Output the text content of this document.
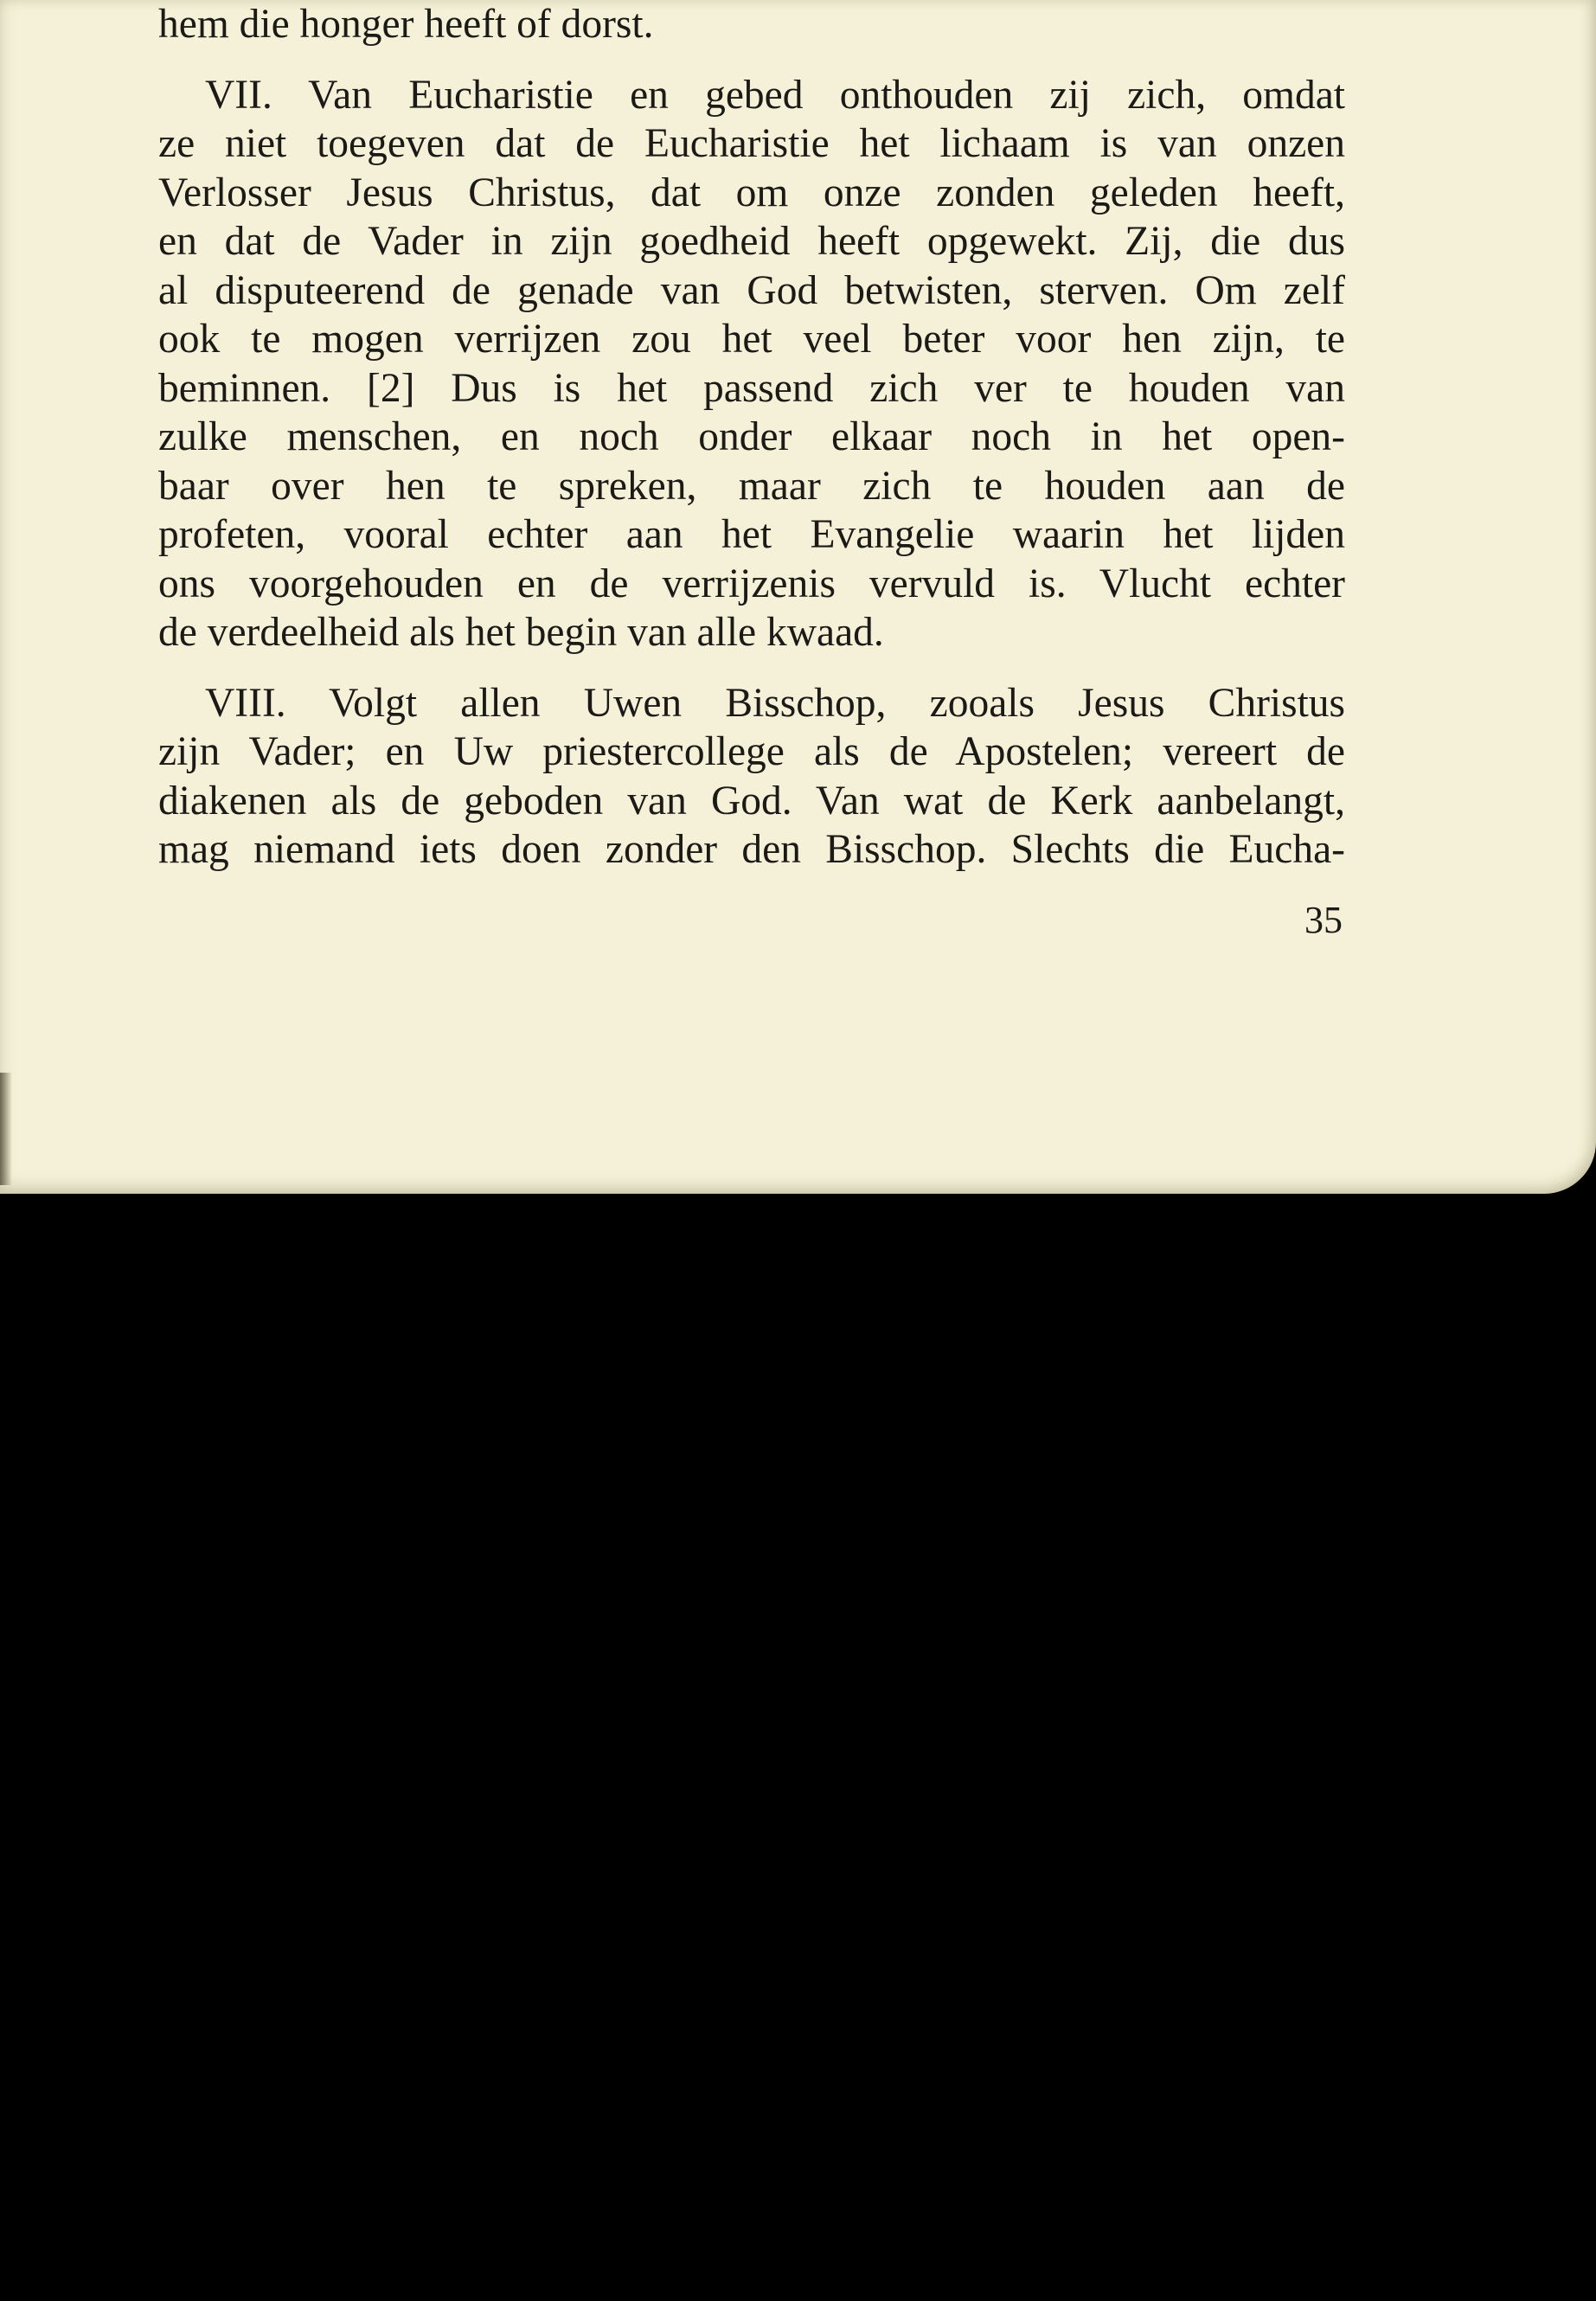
hem die honger heeft of dorst.
VII. Van Eucharistie en gebed onthouden zij zich, omdat
ze niet toegeven dat de Eucharistie het lichaam is van onzen
Verlosser Jesus Christus, dat om onze zonden geleden heeft,
en dat de Vader in zijn goedheid heeft opgewekt. Zij, die dus
al disputeerend de genade van God betwisten, sterven. Om zelf
ook te mogen verrijzen zou het veel beter voor hen zijn, te
beminnen. [2] Dus is het passend zich ver te houden van
zulke menschen, en noch onder elkaar noch in het open-
baar over hen te spreken, maar zich te houden aan de
profeten, vooral echter aan het Evangelie waarin het lijden
ons voorgehouden en de verrijzenis vervuld is. Vlucht echter
de verdeelheid als het begin van alle kwaad.
VIII. Volgt allen Uwen Bisschop, zooals Jesus Christus
zijn Vader; en Uw priestercollege als de Apostelen; vereert de
diakenen als de geboden van God. Van wat de Kerk aanbelangt,
mag niemand iets doen zonder den Bisschop. Slechts die Eucha-
35
